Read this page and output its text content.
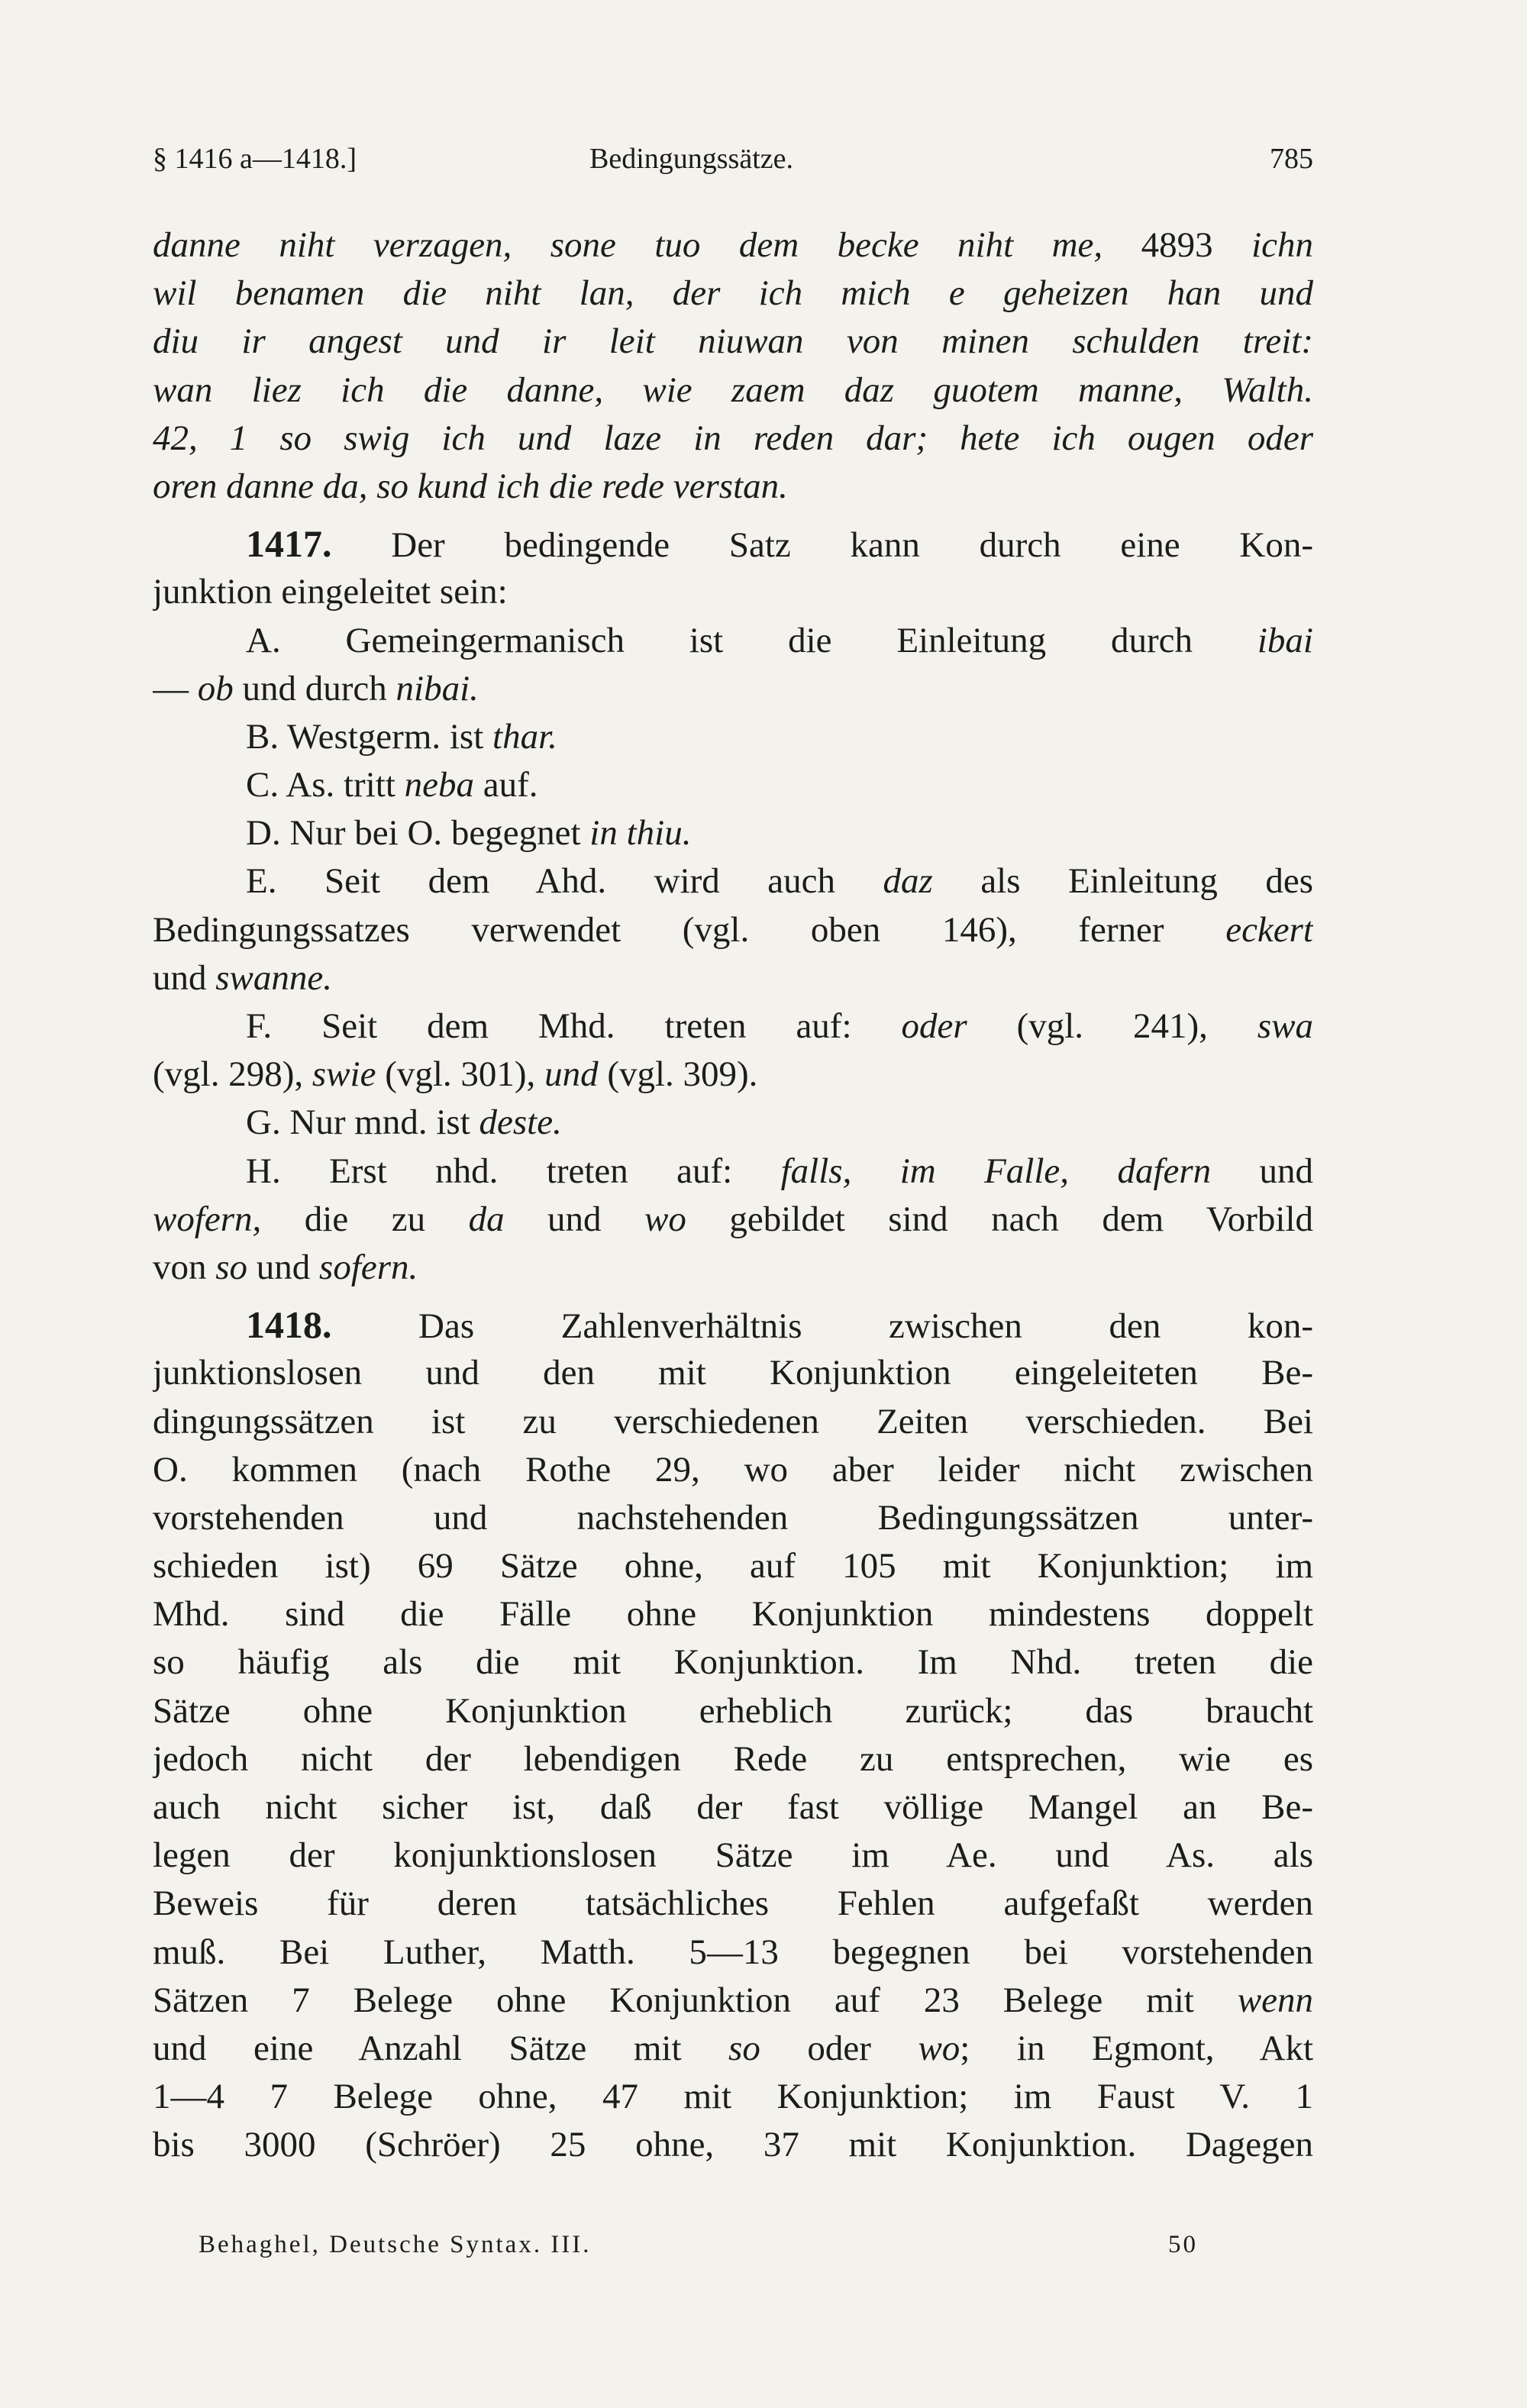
§ 1416 a—1418.]	Bedingungssätze.	785
danne niht verzagen, sone tuo dem becke niht me, 4893 ichn
wil benamen die niht lan, der ich mich e geheizen han und
diu ir angest und ir leit niuwan von minen schulden treit:
wan liez ich die danne, wie zaem daz guotem manne, Walth.
42, 1 so swig ich und laze in reden dar; hete ich ougen oder
oren danne da, so kund ich die rede verstan.
1417. Der bedingende Satz kann durch eine Kon-
junktion eingeleitet sein:
A. Gemeingermanisch ist die Einleitung durch ibai
— ob und durch nibai.
B. Westgerm. ist thar.
C. As. tritt neba auf.
D. Nur bei O. begegnet in thiu.
E. Seit dem Ahd. wird auch daz als Einleitung des
Bedingungssatzes verwendet (vgl. oben 146), ferner eckert
und swanne.
F. Seit dem Mhd. treten auf: oder (vgl. 241), swa
(vgl. 298), swie (vgl. 301), und (vgl. 309).
G. Nur mnd. ist deste.
H. Erst nhd. treten auf: falls, im Falle, dafern und
wofern, die zu da und wo gebildet sind nach dem Vorbild
von so und sofern.
1418. Das Zahlenverhältnis zwischen den kon-
junktionslosen und den mit Konjunktion eingeleiteten Be-
dingungssätzen ist zu verschiedenen Zeiten verschieden. Bei
O. kommen (nach Rothe 29, wo aber leider nicht zwischen
vorstehenden und nachstehenden Bedingungssätzen unter-
schieden ist) 69 Sätze ohne, auf 105 mit Konjunktion; im
Mhd. sind die Fälle ohne Konjunktion mindestens doppelt
so häufig als die mit Konjunktion. Im Nhd. treten die
Sätze ohne Konjunktion erheblich zurück; das braucht
jedoch nicht der lebendigen Rede zu entsprechen, wie es
auch nicht sicher ist, daß der fast völlige Mangel an Be-
legen der konjunktionslosen Sätze im Ae. und As. als
Beweis für deren tatsächliches Fehlen aufgefaßt werden
muß. Bei Luther, Matth. 5—13 begegnen bei vorstehenden
Sätzen 7 Belege ohne Konjunktion auf 23 Belege mit wenn
und eine Anzahl Sätze mit so oder wo; in Egmont, Akt
1—4 7 Belege ohne, 47 mit Konjunktion; im Faust V. 1
bis 3000 (Schröer) 25 ohne, 37 mit Konjunktion. Dagegen
Behaghel, Deutsche Syntax. III.	50
